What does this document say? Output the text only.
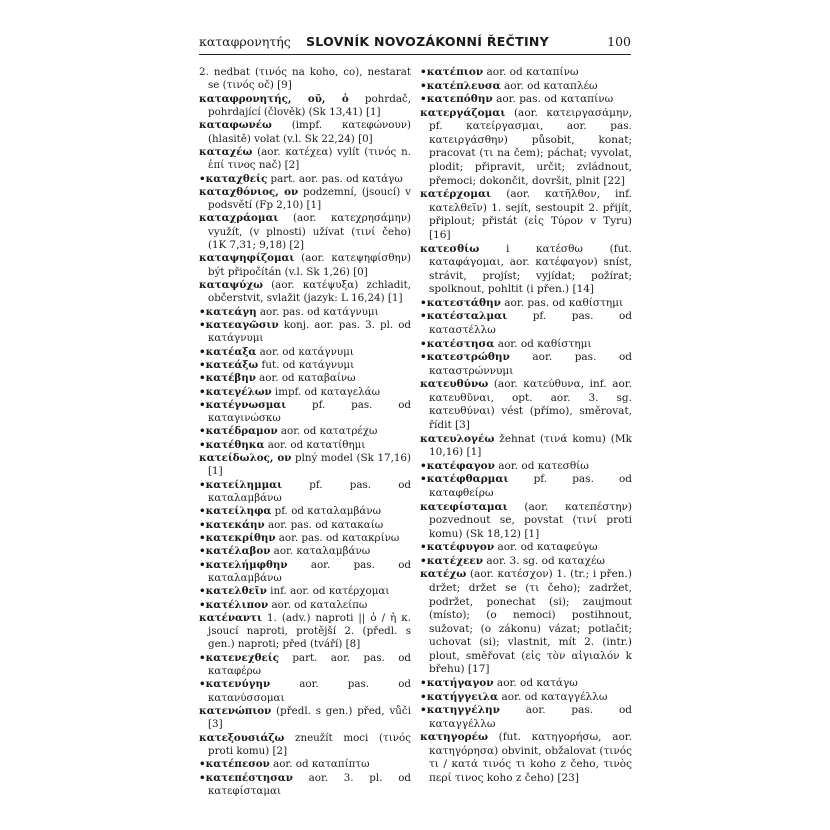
καταφρονητής SLOVNÍK NOVOZÁKONNÍ ŘEČTINY	100

2. nedbat (τινός na koho, co), nestarat se (τινός oč) [9]

καταφρονητής, οῦ, ὁ pohrdač, pohrdající (člověk) (Sk 13,41) [1]

καταφωνέω (impf. κατεφώνουν) (hlasitě) volat (v.l. Sk 22,24) [0]

καταχέω (aor. κατέχεα) vylít (τινός n. ἐπί τινος nač) [2]

•καταχθείς part. aor. pas. od κατάγω

καταχθόνιος, ον podzemní, (jsoucí) v podsvětí (Fp 2,10) [1]

καταχράομαι (aor. κατεχρησάμην) využít, (v plnosti) užívat (τινί čeho) (1K 7,31; 9,18) [2]

καταψηφίζομαι (aor. κατεψηφίσθην) být připočítán (v.l. Sk 1,26) [0]

καταψύχω (aor. κατέψυξα) zchladit, občerstvit, svlažit (jazyk: L 16,24) [1]

•κατεάγη aor. pas. od κατάγνυμι

•κατεαγῶσιν konj. aor. pas. 3. pl. od κατάγνυμι

•κατέαξα aor. od κατάγνυμι

•κατεάξω fut. od κατάγνυμι

•κατέβην aor. od καταβαίνω

•κατεγέλων impf. od καταγελάω

•κατέγνωσμαι pf. pas. od καταγινώσκω

•κατέδραμον aor. od κατατρέχω

•κατέθηκα aor. od κατατίθημι

κατείδωλος, ον plný model (Sk 17,16) [1]

•κατείλημμαι pf. pas. od καταλαμβάνω

•κατείληφα pf. od καταλαμβάνω

•κατεκάην aor. pas. od κατακαίω

•κατεκρίθην aor. pas. od κατακρίνω

•κατέλαβον aor. καταλαμβάνω

•κατελήμφθην aor. pas. od καταλαμβάνω

•κατελθεῖν inf. aor. od κατέρχομαι

•κατέλιπον aor. od καταλείπω

κατέναντι 1. (adv.) naproti || ὁ / ἡ κ. jsoucí naproti, protější 2. (předl. s gen.) naproti; před (tváří) [8]

•κατενεχθείς part. aor. pas. od καταφέρω

•κατενύγην aor. pas. od κατανύσσομαι

κατενώπιον (předl. s gen.) před, vůči [3]

κατεξουσιάζω zneužít moci (τινός proti komu) [2]

•κατέπεσον aor. od καταπίπτω

•κατεπέστησαν aor. 3. pl. od κατεφίσταμαι

•κατέπιον aor. od καταπίνω

•κατέπλευσα aor. od καταπλέω

•κατεπόθην aor. pas. od καταπίνω

κατεργάζομαι (aor. κατειργασάμην, pf. κατείργασμαι, aor. pas. κατειργάσθην) působit, konat; pracovat (τι na čem); páchat; vyvolat, plodit; připravit, určit; zvládnout, přemoci; dokončit, dovršit, plnit [22]

κατέρχομαι (aor. κατῆλθον, inf. κατελθεῖν) 1. sejít, sestoupit 2. přijít, připlout; přistát (εἰς Τύρον v Tyru) [16]

κατεσθίω i κατέσθω (fut. καταφάγομαι, aor. κατέφαγον) sníst, strávit, projíst; vyjídat; požírat; spolknout, pohltit (i přen.) [14]

•κατεστάθην aor. pas. od καθίστημι

•κατέσταλμαι pf. pas. od καταστέλλω

•κατέστησα aor. od καθίστημι

•κατεστρώθην aor. pas. od καταστρώννυμι

κατευθύνω (aor. κατεύθυνα, inf. aor. κατευθῦναι, opt. aor. 3. sg. κατευθύναι) vést (přímo), směrovat, řídit [3]

κατευλογέω žehnat (τινά komu) (Mk 10,16) [1]

•κατέφαγον aor. od κατεσθίω

•κατέφθαρμαι pf. pas. od καταφθείρω

κατεφίσταμαι (aor. κατεπέστην) pozvednout se, povstat (τινί proti komu) (Sk 18,12) [1]

•κατέφυγον aor. od καταφεύγω

•κατέχεεν aor. 3. sg. od καταχέω

κατέχω (aor. κατέσχον) 1. (tr.; i přen.) držet; držet se (τι čeho); zadržet, podržet, ponechat (si); zaujmout (místo); (o nemoci) postihnout, sužovat; (o zákonu) vázat; potlačit; uchovat (si); vlastnit, mít 2. (intr.) plout, směřovat (εἰς τὸν αἰγιαλόν k břehu) [17]

•κατήγαγον aor. od κατάγω

•κατήγγειλα aor. od καταγγέλλω

•κατηγγέλην aor. pas. od καταγγέλλω

κατηγορέω (fut. κατηγορήσω, aor. κατηγόρησα) obvinit, obžalovat (τινός τι / κατά τινός τι koho z čeho, τινὸς περί τινος koho z čeho) [23]
